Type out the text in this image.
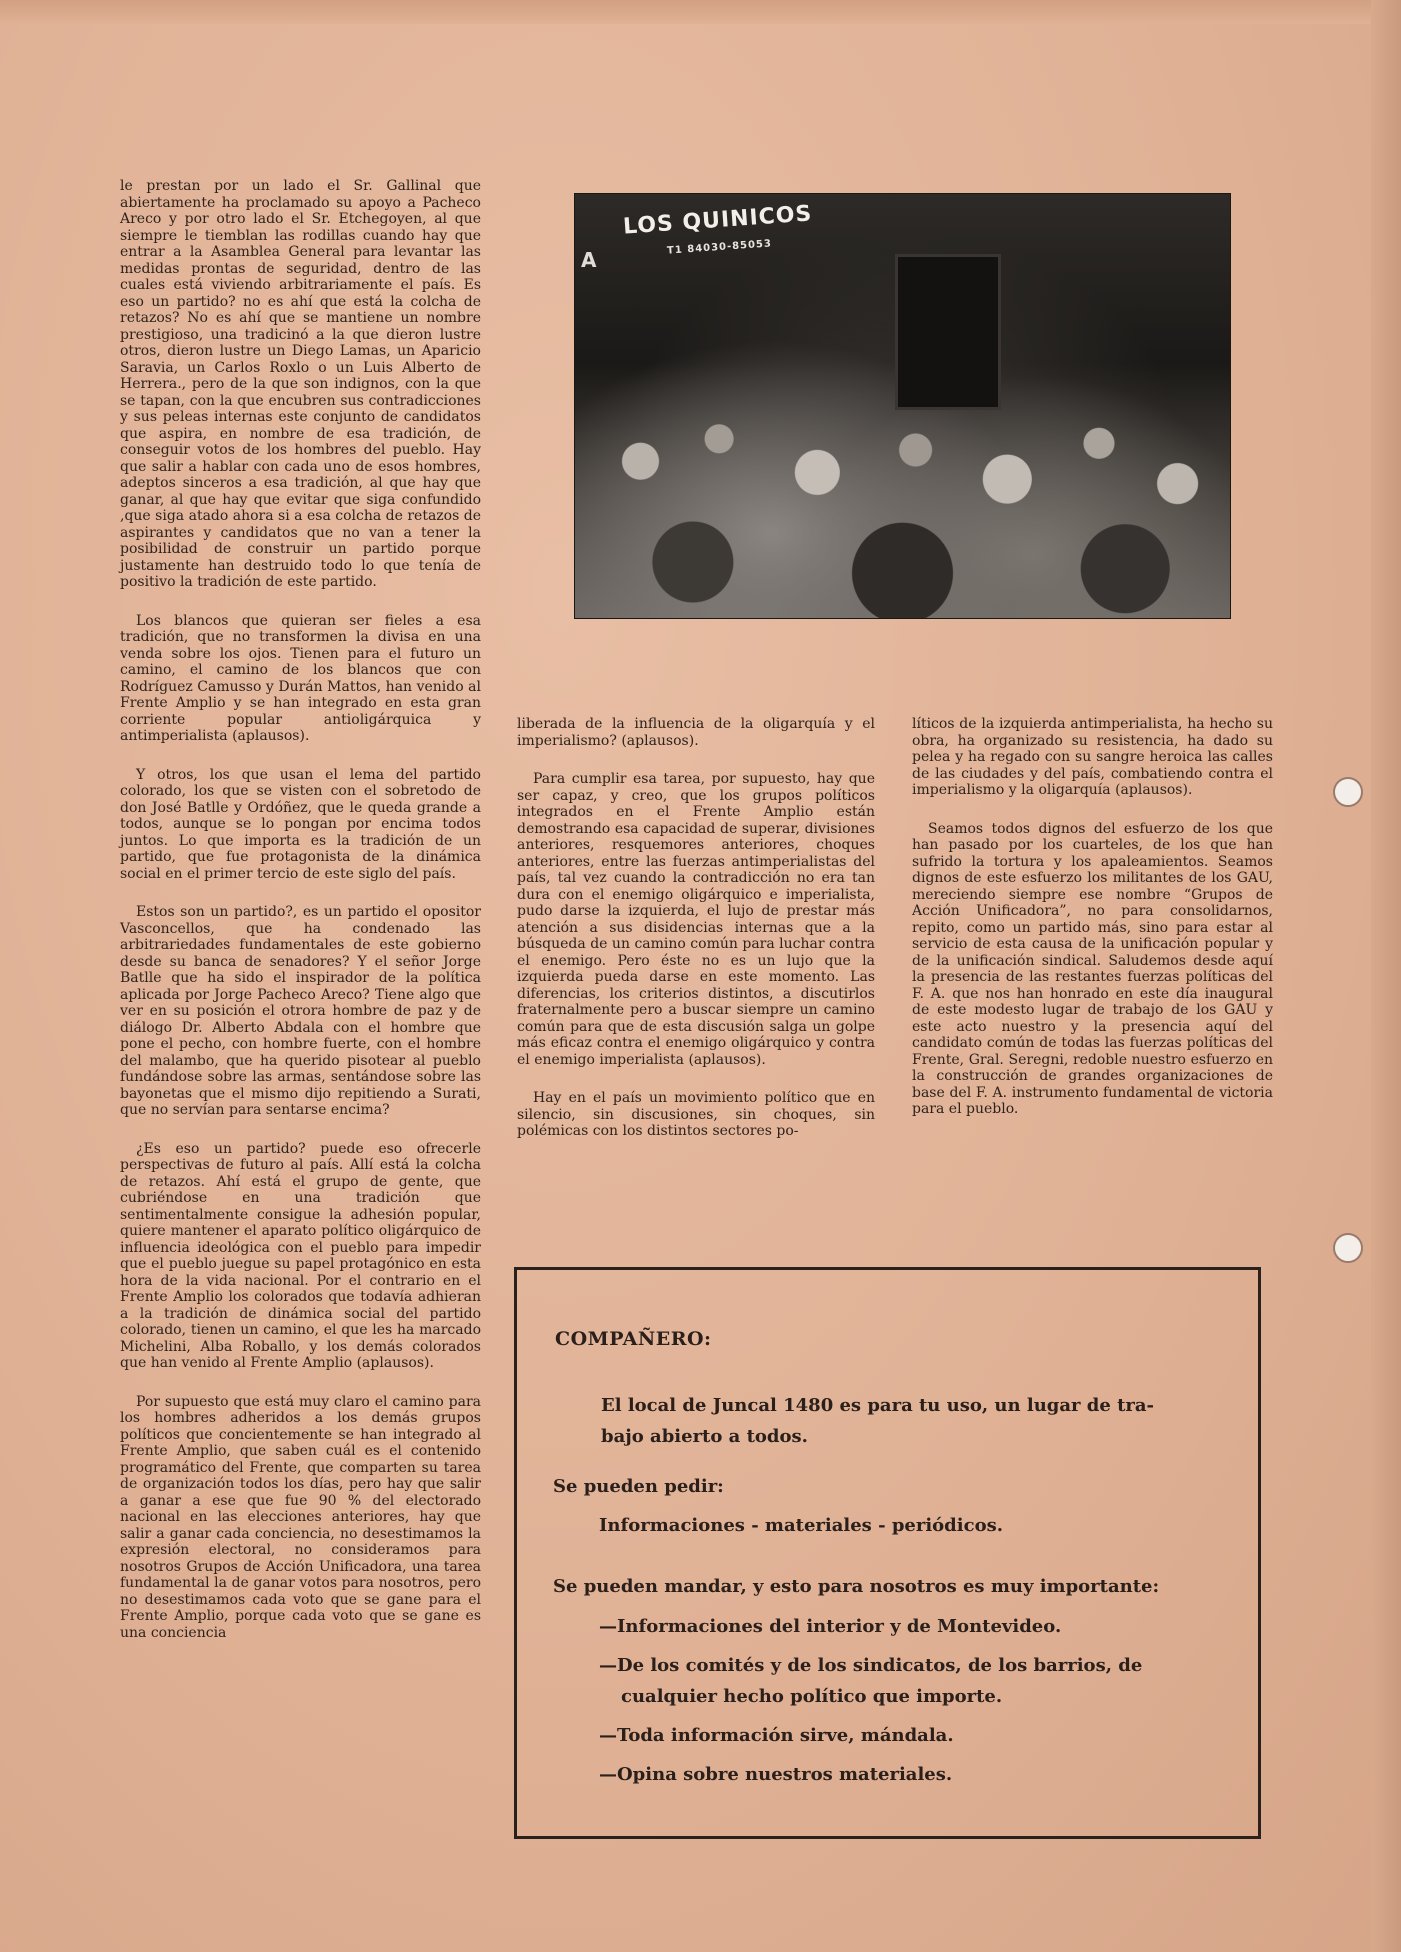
LOS QUINICOS
T1 84030-85053
A

le prestan por un lado el Sr. Gallinal que abiertamente ha proclamado su apoyo a Pacheco Areco y por otro lado el Sr. Etchegoyen, al que siempre le tiemblan las rodillas cuando hay que entrar a la Asamblea General para levantar las medidas prontas de seguridad, dentro de las cuales está viviendo arbitrariamente el país. Es eso un partido? no es ahí que está la colcha de retazos? No es ahí que se mantiene un nombre prestigioso, una tradicinó a la que dieron lustre otros, dieron lustre un Diego Lamas, un Aparicio Saravia, un Carlos Roxlo o un Luis Alberto de Herrera., pero de la que son indignos, con la que se tapan, con la que encubren sus contradicciones y sus peleas internas este conjunto de candidatos que aspira, en nombre de esa tradición, de conseguir votos de los hombres del pueblo. Hay que salir a hablar con cada uno de esos hombres, adeptos sinceros a esa tradición, al que hay que ganar, al que hay que evitar que siga confundido ,que siga atado ahora si a esa colcha de retazos de aspirantes y candidatos que no van a tener la posibilidad de construir un partido porque justamente han destruido todo lo que tenía de positivo la tradición de este partido.

Los blancos que quieran ser fieles a esa tradición, que no transformen la divisa en una venda sobre los ojos. Tienen para el futuro un camino, el camino de los blancos que con Rodríguez Camusso y Durán Mattos, han venido al Frente Amplio y se han integrado en esta gran corriente popular antioligárquica y antimperialista (aplausos).

Y otros, los que usan el lema del partido colorado, los que se visten con el sobretodo de don José Batlle y Ordóñez, que le queda grande a todos, aunque se lo pongan por encima todos juntos. Lo que importa es la tradición de un partido, que fue protagonista de la dinámica social en el primer tercio de este siglo del país.

Estos son un partido?, es un partido el opositor Vasconcellos, que ha condenado las arbitrariedades fundamentales de este gobierno desde su banca de senadores? Y el señor Jorge Batlle que ha sido el inspirador de la política aplicada por Jorge Pacheco Areco? Tiene algo que ver en su posición el otrora hombre de paz y de diálogo Dr. Alberto Abdala con el hombre que pone el pecho, con hombre fuerte, con el hombre del malambo, que ha querido pisotear al pueblo fundándose sobre las armas, sentándose sobre las bayonetas que el mismo dijo repitiendo a Surati, que no servían para sentarse encima?

¿Es eso un partido? puede eso ofrecerle perspectivas de futuro al país. Allí está la colcha de retazos. Ahí está el grupo de gente, que cubriéndose en una tradición que sentimentalmente consigue la adhesión popular, quiere mantener el aparato político oligárquico de influencia ideológica con el pueblo para impedir que el pueblo juegue su papel protagónico en esta hora de la vida nacional. Por el contrario en el Frente Amplio los colorados que todavía adhieran a la tradición de dinámica social del partido colorado, tienen un camino, el que les ha marcado Michelini, Alba Roballo, y los demás colorados que han venido al Frente Amplio (aplausos).

Por supuesto que está muy claro el camino para los hombres adheridos a los demás grupos políticos que concientemente se han integrado al Frente Amplio, que saben cuál es el contenido programático del Frente, que comparten su tarea de organización todos los días, pero hay que salir a ganar a ese que fue 90 % del electorado nacional en las elecciones anteriores, hay que salir a ganar cada conciencia, no desestimamos la expresión electoral, no consideramos para nosotros Grupos de Acción Unificadora, una tarea fundamental la de ganar votos para nosotros, pero no desestimamos cada voto que se gane para el Frente Amplio, porque cada voto que se gane es una conciencia

liberada de la influencia de la oligarquía y el imperialismo? (aplausos).

Para cumplir esa tarea, por supuesto, hay que ser capaz, y creo, que los grupos políticos integrados en el Frente Amplio están demostrando esa capacidad de superar, divisiones anteriores, resquemores anteriores, choques anteriores, entre las fuerzas antimperialistas del país, tal vez cuando la contradicción no era tan dura con el enemigo oligárquico e imperialista, pudo darse la izquierda, el lujo de prestar más atención a sus disidencias internas que a la búsqueda de un camino común para luchar contra el enemigo. Pero éste no es un lujo que la izquierda pueda darse en este momento. Las diferencias, los criterios distintos, a discutirlos fraternalmente pero a buscar siempre un camino común para que de esta discusión salga un golpe más eficaz contra el enemigo oligárquico y contra el enemigo imperialista (aplausos).

Hay en el país un movimiento político que en silencio, sin discusiones, sin choques, sin polémicas con los distintos sectores po-

líticos de la izquierda antimperialista, ha hecho su obra, ha organizado su resistencia, ha dado su pelea y ha regado con su sangre heroica las calles de las ciudades y del país, combatiendo contra el imperialismo y la oligarquía (aplausos).

Seamos todos dignos del esfuerzo de los que han pasado por los cuarteles, de los que han sufrido la tortura y los apaleamientos. Seamos dignos de este esfuerzo los militantes de los GAU, mereciendo siempre ese nombre “Grupos de Acción Unificadora”, no para consolidarnos, repito, como un partido más, sino para estar al servicio de esta causa de la unificación popular y de la unificación sindical. Saludemos desde aquí la presencia de las restantes fuerzas políticas del F. A. que nos han honrado en este día inaugural de este modesto lugar de trabajo de los GAU y este acto nuestro y la presencia aquí del candidato común de todas las fuerzas políticas del Frente, Gral. Seregni, redoble nuestro esfuerzo en la construcción de grandes organizaciones de base del F. A. instrumento fundamental de victoria para el pueblo.

COMPAÑERO:
El local de Juncal 1480 es para tu uso, un lugar de tra-
bajo abierto a todos.
Se pueden pedir:
Informaciones - materiales - periódicos.
Se pueden mandar, y esto para nosotros es muy importante:
—Informaciones del interior y de Montevideo.
—De los comités y de los sindicatos, de los barrios, de
cualquier hecho político que importe.
—Toda información sirve, mándala.
—Opina sobre nuestros materiales.
